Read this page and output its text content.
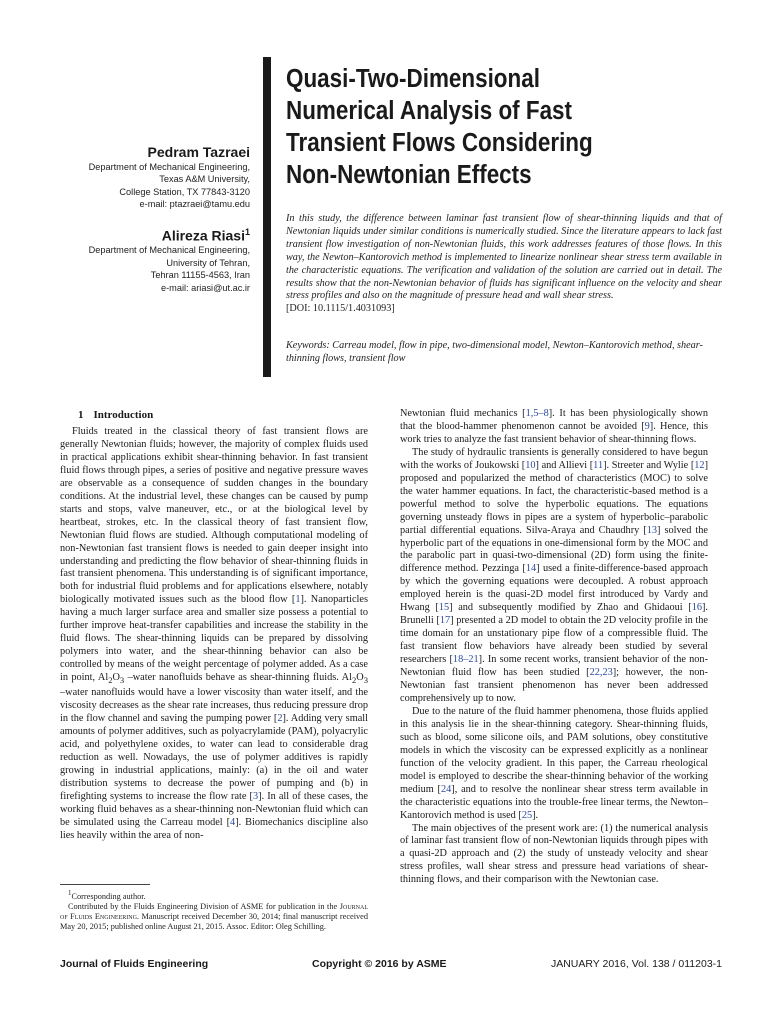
Pedram Tazraei
Department of Mechanical Engineering,
Texas A&M University,
College Station, TX 77843-3120
e-mail: ptazraei@tamu.edu
Alireza Riasi$^1$
Department of Mechanical Engineering,
University of Tehran,
Tehran 11155-4563, Iran
e-mail: ariasi@ut.ac.ir
Quasi-Two-Dimensional
Numerical Analysis of Fast
Transient Flows Considering
Non-Newtonian Effects
In this study, the difference between laminar fast transient flow of shear-thinning liquids and that of Newtonian liquids under similar conditions is numerically studied. Since the literature appears to lack fast transient flow investigation of non-Newtonian fluids, this work addresses features of those flows. In this way, the Newton–Kantorovich method is implemented to linearize nonlinear shear stress term available in the characteristic equations. The verification and validation of the solution are carried out in detail. The results show that the non-Newtonian behavior of fluids has significant influence on the velocity and shear stress profiles and also on the magnitude of pressure head and wall shear stress.
[DOI: 10.1115/1.4031093]
Keywords: Carreau model, flow in pipe, two-dimensional model, Newton–Kantorovich method, shear-thinning flows, transient flow
1 Introduction

Fluids treated in the classical theory of fast transient flows are generally Newtonian fluids; however, the majority of complex fluids used in practical applications exhibit shear-thinning behavior. In fast transient fluid flows through pipes, a series of positive and negative pressure waves are observable as a consequence of sudden changes in the boundary conditions. At the industrial level, these changes can be caused by pump starts and stops, valve maneuver, etc., or at the biological level by heartbeat, strokes, etc. In the classical theory of fast transient flow, Newtonian fluid flows are studied. Although computational modeling of non-Newtonian fast transient flows is needed to gain deeper insight into understanding and predicting the flow behavior of shear-thinning fluids in fast transient phenomena. This understanding is of significant importance, both for industrial fluid problems and for applications elsewhere, notably biologically motivated issues such as the blood flow [1]. Nanoparticles having a much larger surface area and smaller size possess a potential to further improve heat-transfer capabilities and increase the stability in the fluid flows. The shear-thinning liquids can be prepared by dissolving polymers into water, and the shear-thinning behavior can also be controlled by means of the weight percentage of polymer added. As a case in point, $Al_2O_3$ –water nanofluids behave as shear-thinning fluids. $Al_2O_3$ –water nanofluids would have a lower viscosity than water itself, and the viscosity decreases as the shear rate increases, thus reducing pressure drop in the flow channel and saving the pumping power [2]. Adding very small amounts of polymer additives, such as polyacrylamide (PAM), polyacrylic acid, and polyethylene oxides, to water can lead to considerable drag reduction as well. Nowadays, the use of polymer additives is rapidly growing in industrial applications, mainly: (a) in the oil and water distribution systems to decrease the power of pumping and (b) in firefighting systems to increase the flow rate [3]. In all of these cases, the working fluid behaves as a shear-thinning non-Newtonian fluid which can be simulated using the Carreau model [4]. Biomechanics discipline also lies heavily within the area of non-

Newtonian fluid mechanics [1,5–8]. It has been physiologically shown that the blood-hammer phenomenon cannot be avoided [9]. Hence, this work tries to analyze the fast transient behavior of shear-thinning flows.

The study of hydraulic transients is generally considered to have begun with the works of Joukowski [10] and Allievi [11]. Streeter and Wylie [12] proposed and popularized the method of characteristics (MOC) to solve the water hammer equations. In fact, the characteristic-based method is a powerful method to solve the hyperbolic equations. The equations governing unsteady flows in pipes are a system of hyperbolic–parabolic partial differential equations. Silva-Araya and Chaudhry [13] solved the hyperbolic part of the equations in one-dimensional form by the MOC and the parabolic part in quasi-two-dimensional (2D) form using the finite-difference method. Pezzinga [14] used a finite-difference-based approach by which the governing equations were decoupled. A robust approach employed herein is the quasi-2D model first introduced by Vardy and Hwang [15] and subsequently modified by Zhao and Ghidaoui [16]. Brunelli [17] presented a 2D model to obtain the 2D velocity profile in the time domain for an unstationary pipe flow of a compressible fluid. The fast transient flow behaviors have already been studied by several researchers [18–21]. In some recent works, transient behavior of the non-Newtonian fluid flow has been studied [22,23]; however, the non-Newtonian fast transient phenomenon has never been addressed comprehensively up to now.

Due to the nature of the fluid hammer phenomena, those fluids applied in this analysis lie in the shear-thinning category. Shear-thinning fluids, such as blood, some silicone oils, and PAM solutions, obey constitutive models in which the viscosity can be expressed explicitly as a nonlinear function of the velocity gradient. In this paper, the Carreau rheological model is employed to describe the shear-thinning behavior of the working medium [24], and to resolve the nonlinear shear stress term available in the characteristic equations into the trouble-free linear terms, the Newton–Kantorovich method is used [25].

The main objectives of the present work are: (1) the numerical analysis of laminar fast transient flow of non-Newtonian liquids through pipes with a quasi-2D approach and (2) the study of unsteady velocity and shear stress profiles, wall shear stress and pressure head variations of shear-thinning flows, and their comparison with the Newtonian case.

$^1$Corresponding author.

Contributed by the Fluids Engineering Division of ASME for publication in the Journal of Fluids Engineering. Manuscript received December 30, 2014; final manuscript received May 20, 2015; published online August 21, 2015. Assoc. Editor: Oleg Schilling.

Journal of Fluids Engineering	Copyright © 2016 by ASME	JANUARY 2016, Vol. 138 / 011203-1
